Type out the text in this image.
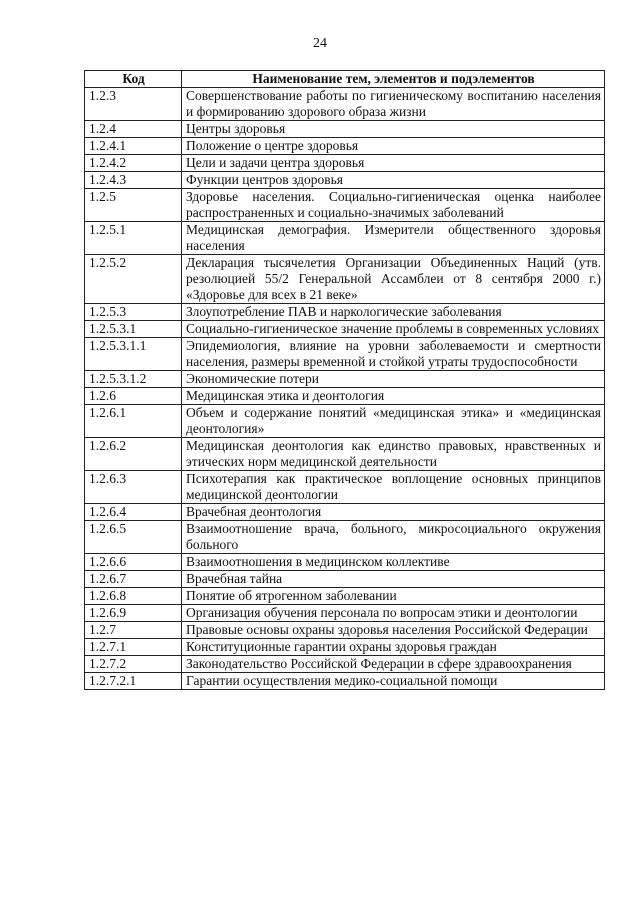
24
Код	Наименование тем, элементов и подэлементов
1.2.3	Совершенствование работы по гигиеническому воспитанию населения и формированию здорового образа жизни
1.2.4	Центры здоровья
1.2.4.1	Положение о центре здоровья
1.2.4.2	Цели и задачи центра здоровья
1.2.4.3	Функции центров здоровья
1.2.5	Здоровье населения. Социально-гигиеническая оценка наиболее распространенных и социально-значимых заболеваний
1.2.5.1	Медицинская демография. Измерители общественного здоровья населения
1.2.5.2	Декларация тысячелетия Организации Объединенных Наций (утв. резолюцией 55/2 Генеральной Ассамблеи от 8 сентября 2000 г.) «Здоровье для всех в 21 веке»
1.2.5.3	Злоупотребление ПАВ и наркологические заболевания
1.2.5.3.1	Социально-гигиеническое значение проблемы в современных условиях
1.2.5.3.1.1	Эпидемиология, влияние на уровни заболеваемости и смертности населения, размеры временной и стойкой утраты трудоспособности
1.2.5.3.1.2	Экономические потери
1.2.6	Медицинская этика и деонтология
1.2.6.1	Объем и содержание понятий «медицинская этика» и «медицинская деонтология»
1.2.6.2	Медицинская деонтология как единство правовых, нравственных и этических норм медицинской деятельности
1.2.6.3	Психотерапия как практическое воплощение основных принципов медицинской деонтологии
1.2.6.4	Врачебная деонтология
1.2.6.5	Взаимоотношение врача, больного, микросоциального окружения больного
1.2.6.6	Взаимоотношения в медицинском коллективе
1.2.6.7	Врачебная тайна
1.2.6.8	Понятие об ятрогенном заболевании
1.2.6.9	Организация обучения персонала по вопросам этики и деонтологии
1.2.7	Правовые основы охраны здоровья населения Российской Федерации
1.2.7.1	Конституционные гарантии охраны здоровья граждан
1.2.7.2	Законодательство Российской Федерации в сфере здравоохранения
1.2.7.2.1	Гарантии осуществления медико-социальной помощи
